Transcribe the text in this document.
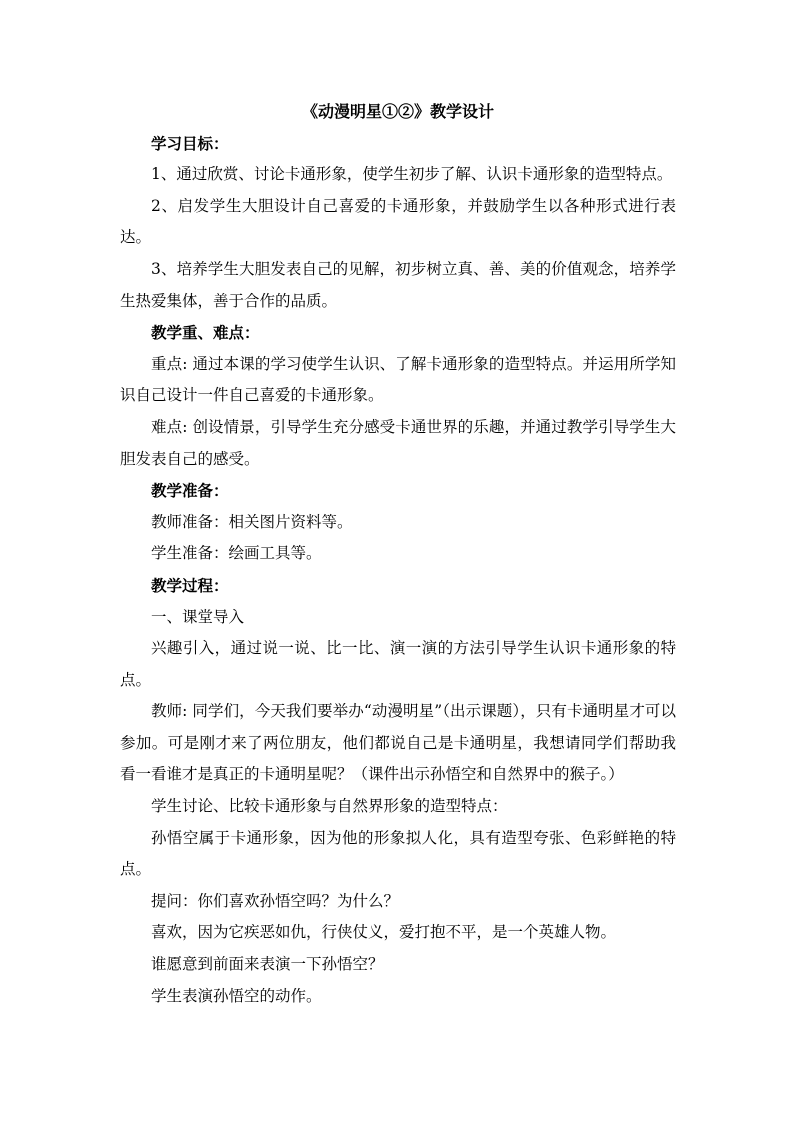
《动漫明星①②》教学设计

学习目标：

1、通过欣赏、讨论卡通形象，使学生初步了解、认识卡通形象的造型特点。

2、启发学生大胆设计自己喜爱的卡通形象，并鼓励学生以各种形式进行表达。

3、培养学生大胆发表自己的见解，初步树立真、善、美的价值观念，培养学生热爱集体，善于合作的品质。

教学重、难点：

重点: 通过本课的学习使学生认识、了解卡通形象的造型特点。并运用所学知识自己设计一件自己喜爱的卡通形象。

难点: 创设情景，引导学生充分感受卡通世界的乐趣，并通过教学引导学生大胆发表自己的感受。

教学准备：

教师准备：相关图片资料等。

学生准备：绘画工具等。

教学过程：

一、课堂导入

兴趣引入，通过说一说、比一比、演一演的方法引导学生认识卡通形象的特点。

教师: 同学们，今天我们要举办“动漫明星”（出示课题），只有卡通明星才可以参加。可是刚才来了两位朋友，他们都说自己是卡通明星，我想请同学们帮助我看一看谁才是真正的卡通明星呢？（课件出示孙悟空和自然界中的猴子。）

学生讨论、比较卡通形象与自然界形象的造型特点：

孙悟空属于卡通形象，因为他的形象拟人化，具有造型夸张、色彩鲜艳的特点。

提问：你们喜欢孙悟空吗？为什么？

喜欢，因为它疾恶如仇，行侠仗义，爱打抱不平，是一个英雄人物。

谁愿意到前面来表演一下孙悟空？

学生表演孙悟空的动作。
